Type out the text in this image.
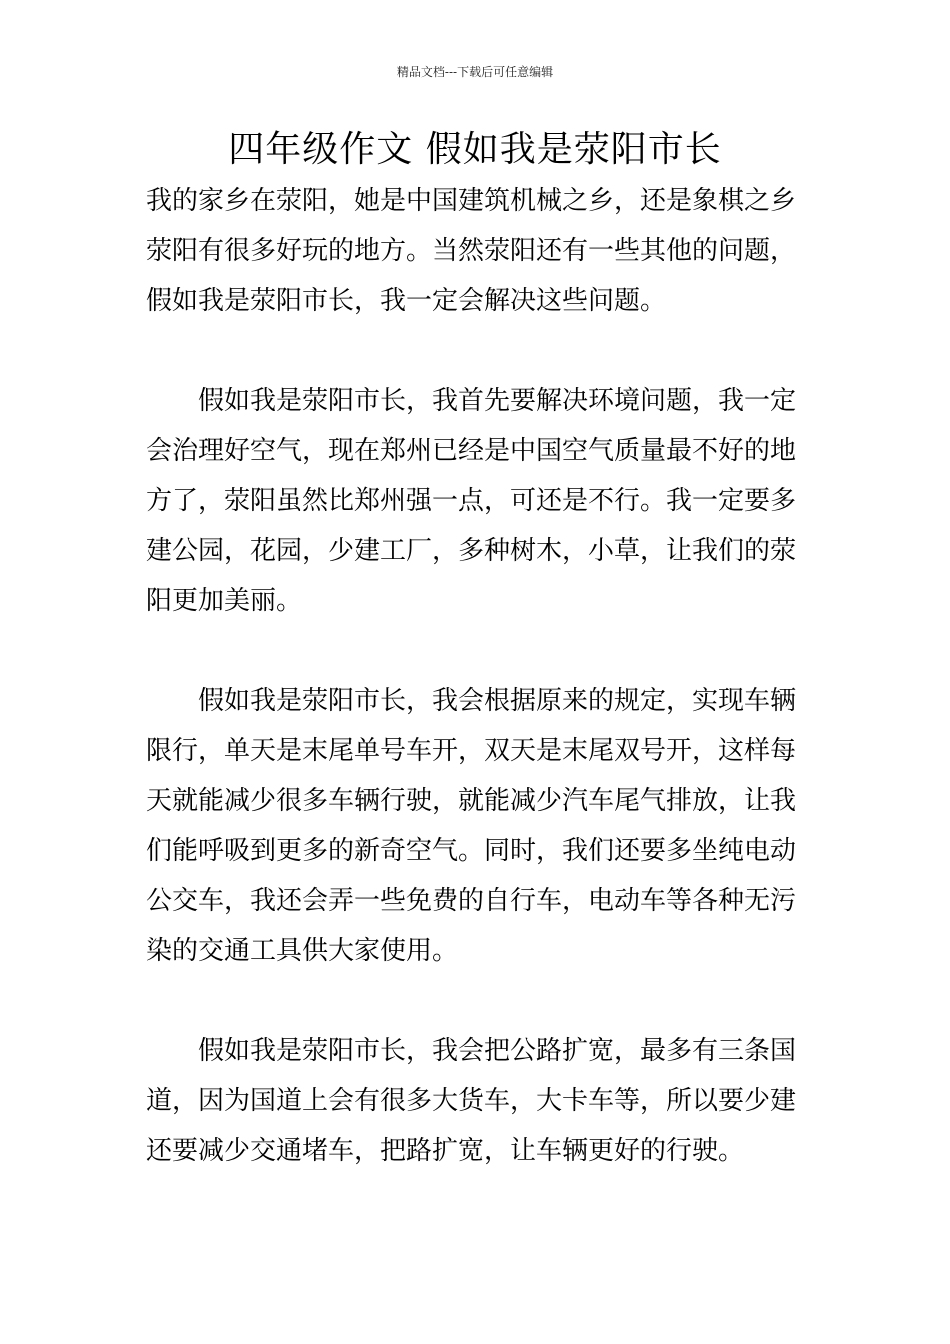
精品文档---下载后可任意编辑
四年级作文 假如我是荥阳市长

我的家乡在荥阳，她是中国建筑机械之乡，还是象棋之乡荥阳有很多好玩的地方。当然荥阳还有一些其他的问题，假如我是荥阳市长，我一定会解决这些问题。

假如我是荥阳市长，我首先要解决环境问题，我一定会治理好空气，现在郑州已经是中国空气质量最不好的地方了，荥阳虽然比郑州强一点，可还是不行。我一定要多建公园，花园，少建工厂，多种树木，小草，让我们的荥阳更加美丽。

假如我是荥阳市长，我会根据原来的规定，实现车辆限行，单天是末尾单号车开，双天是末尾双号开，这样每天就能减少很多车辆行驶，就能减少汽车尾气排放，让我们能呼吸到更多的新奇空气。同时，我们还要多坐纯电动公交车，我还会弄一些免费的自行车，电动车等各种无污染的交通工具供大家使用。

假如我是荥阳市长，我会把公路扩宽，最多有三条国道，因为国道上会有很多大货车，大卡车等，所以要少建还要减少交通堵车，把路扩宽，让车辆更好的行驶。
